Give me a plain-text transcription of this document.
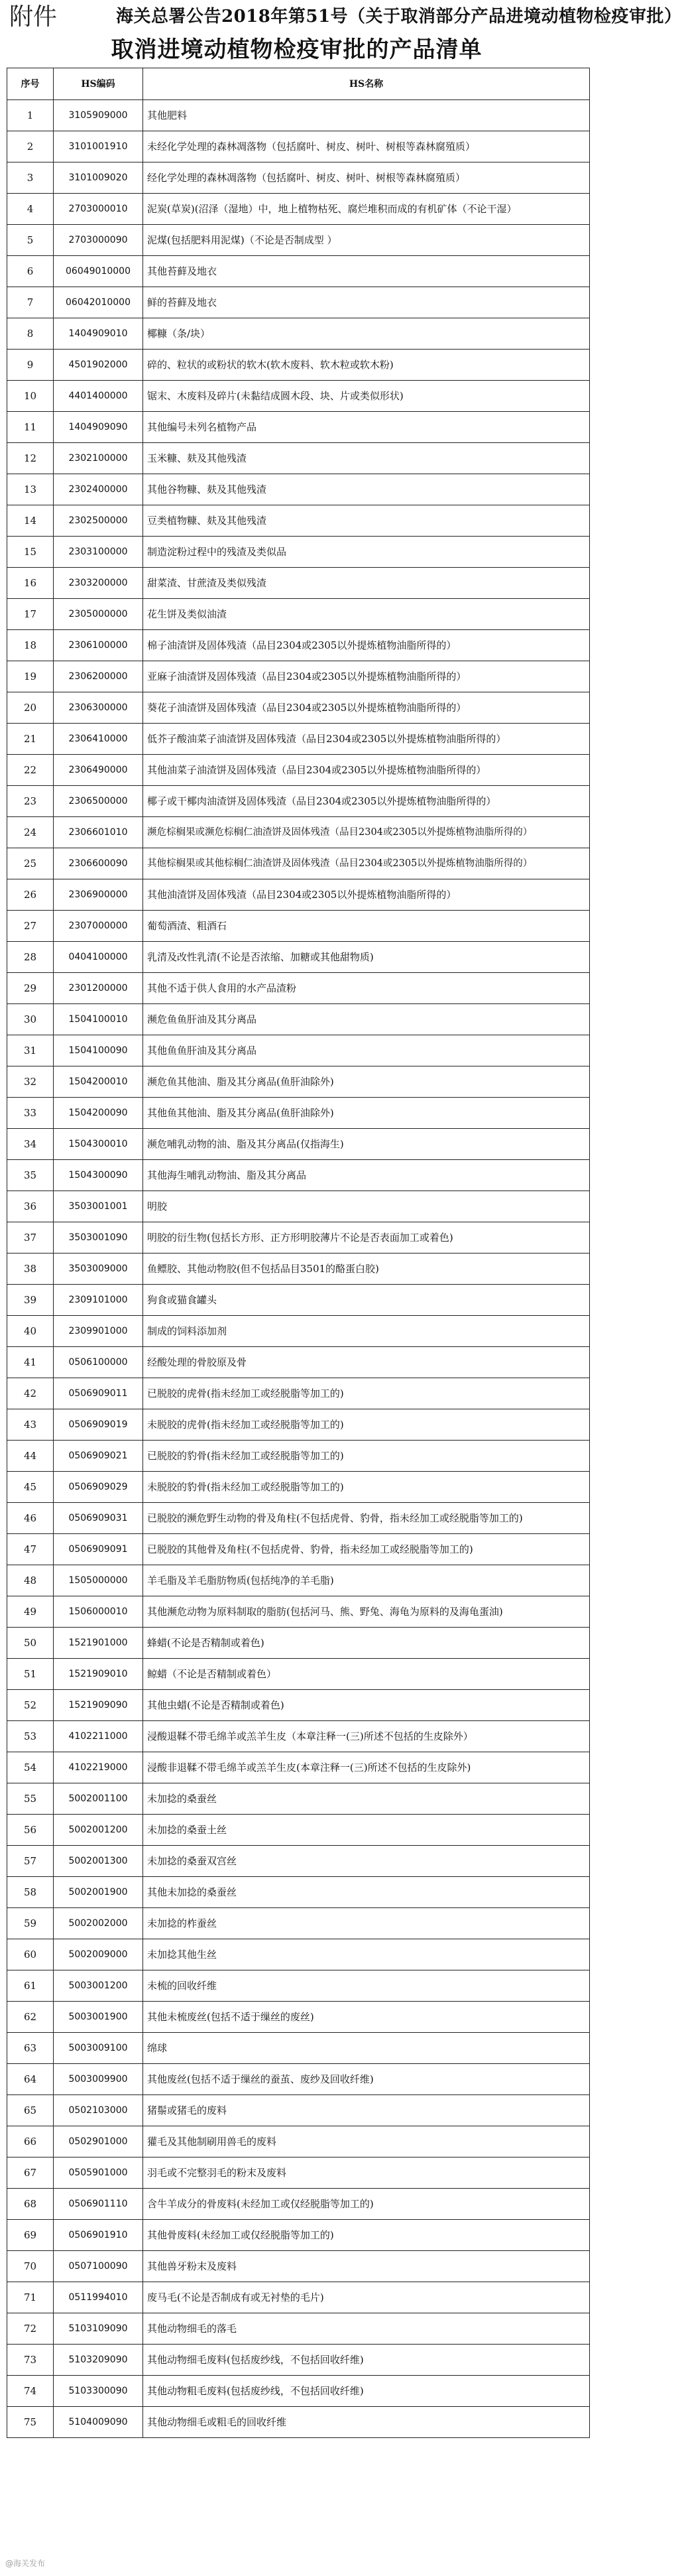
附件	海关总署公告2018年第51号（关于取消部分产品进境动植物检疫审批）
取消进境动植物检疫审批的产品清单
序号	HS编码	HS名称
1	3105909000	其他肥料
2	3101001910	未经化学处理的森林凋落物（包括腐叶、树皮、树叶、树根等森林腐殖质）
3	3101009020	经化学处理的森林凋落物（包括腐叶、树皮、树叶、树根等森林腐殖质）
4	2703000010	泥炭(草炭)(沼泽（湿地）中，地上植物枯死、腐烂堆积而成的有机矿体（不论干湿）
5	2703000090	泥煤(包括肥料用泥煤)（不论是否制成型 ）
6	06049010000	其他苔藓及地衣
7	06042010000	鲜的苔藓及地衣
8	1404909010	椰糠（条/块）
9	4501902000	碎的、粒状的或粉状的软木(软木废料、软木粒或软木粉)
10	4401400000	锯末、木废料及碎片(未黏结成圆木段、块、片或类似形状)
11	1404909090	其他编号未列名植物产品
12	2302100000	玉米糠、麸及其他残渣
13	2302400000	其他谷物糠、麸及其他残渣
14	2302500000	豆类植物糠、麸及其他残渣
15	2303100000	制造淀粉过程中的残渣及类似品
16	2303200000	甜菜渣、甘蔗渣及类似残渣
17	2305000000	花生饼及类似油渣
18	2306100000	棉子油渣饼及固体残渣（品目2304或2305以外提炼植物油脂所得的）
19	2306200000	亚麻子油渣饼及固体残渣（品目2304或2305以外提炼植物油脂所得的）
20	2306300000	葵花子油渣饼及固体残渣（品目2304或2305以外提炼植物油脂所得的）
21	2306410000	低芥子酸油菜子油渣饼及固体残渣（品目2304或2305以外提炼植物油脂所得的）
22	2306490000	其他油菜子油渣饼及固体残渣（品目2304或2305以外提炼植物油脂所得的）
23	2306500000	椰子或干椰肉油渣饼及固体残渣（品目2304或2305以外提炼植物油脂所得的）
24	2306601010	濒危棕榈果或濒危棕榈仁油渣饼及固体残渣（品目2304或2305以外提炼植物油脂所得的）
25	2306600090	其他棕榈果或其他棕榈仁油渣饼及固体残渣（品目2304或2305以外提炼植物油脂所得的）
26	2306900000	其他油渣饼及固体残渣（品目2304或2305以外提炼植物油脂所得的）
27	2307000000	葡萄酒渣、粗酒石
28	0404100000	乳清及改性乳清(不论是否浓缩、加糖或其他甜物质)
29	2301200000	其他不适于供人食用的水产品渣粉
30	1504100010	濒危鱼鱼肝油及其分离品
31	1504100090	其他鱼鱼肝油及其分离品
32	1504200010	濒危鱼其他油、脂及其分离品(鱼肝油除外)
33	1504200090	其他鱼其他油、脂及其分离品(鱼肝油除外)
34	1504300010	濒危哺乳动物的油、脂及其分离品(仅指海生)
35	1504300090	其他海生哺乳动物油、脂及其分离品
36	3503001001	明胶
37	3503001090	明胶的衍生物(包括长方形、正方形明胶薄片不论是否表面加工或着色)
38	3503009000	鱼鳔胶、其他动物胶(但不包括品目3501的酪蛋白胶)
39	2309101000	狗食或猫食罐头
40	2309901000	制成的饲料添加剂
41	0506100000	经酸处理的骨胶原及骨
42	0506909011	已脱胶的虎骨(指未经加工或经脱脂等加工的)
43	0506909019	未脱胶的虎骨(指未经加工或经脱脂等加工的)
44	0506909021	已脱胶的豹骨(指未经加工或经脱脂等加工的)
45	0506909029	未脱胶的豹骨(指未经加工或经脱脂等加工的)
46	0506909031	已脱胶的濒危野生动物的骨及角柱(不包括虎骨、豹骨，指未经加工或经脱脂等加工的)
47	0506909091	已脱胶的其他骨及角柱(不包括虎骨、豹骨，指未经加工或经脱脂等加工的)
48	1505000000	羊毛脂及羊毛脂肪物质(包括纯净的羊毛脂)
49	1506000010	其他濒危动物为原料制取的脂肪(包括河马、熊、野兔、海龟为原料的及海龟蛋油)
50	1521901000	蜂蜡(不论是否精制或着色)
51	1521909010	鲸蜡（不论是否精制或着色）
52	1521909090	其他虫蜡(不论是否精制或着色)
53	4102211000	浸酸退鞣不带毛绵羊或羔羊生皮（本章注释一(三)所述不包括的生皮除外）
54	4102219000	浸酸非退鞣不带毛绵羊或羔羊生皮(本章注释一(三)所述不包括的生皮除外)
55	5002001100	未加捻的桑蚕丝
56	5002001200	未加捻的桑蚕土丝
57	5002001300	未加捻的桑蚕双宫丝
58	5002001900	其他未加捻的桑蚕丝
59	5002002000	未加捻的柞蚕丝
60	5002009000	未加捻其他生丝
61	5003001200	未梳的回收纤维
62	5003001900	其他未梳废丝(包括不适于缫丝的废丝)
63	5003009100	绵球
64	5003009900	其他废丝(包括不适于缫丝的蚕茧、废纱及回收纤维)
65	0502103000	猪鬃或猪毛的废料
66	0502901000	獾毛及其他制刷用兽毛的废料
67	0505901000	羽毛或不完整羽毛的粉末及废料
68	0506901110	含牛羊成分的骨废料(未经加工或仅经脱脂等加工的)
69	0506901910	其他骨废料(未经加工或仅经脱脂等加工的)
70	0507100090	其他兽牙粉末及废料
71	0511994010	废马毛(不论是否制成有或无衬垫的毛片)
72	5103109090	其他动物细毛的落毛
73	5103209090	其他动物细毛废料(包括废纱线，不包括回收纤维)
74	5103300090	其他动物粗毛废料(包括废纱线，不包括回收纤维)
75	5104009090	其他动物细毛或粗毛的回收纤维
@海关发布
